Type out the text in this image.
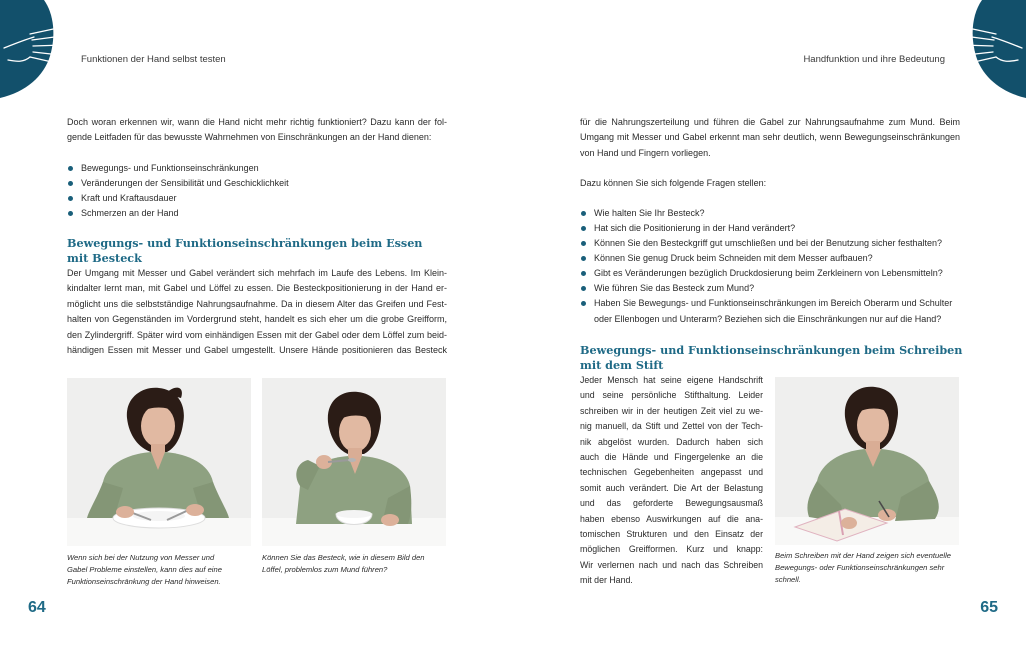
Funktionen der Hand selbst testen	Handfunktion und ihre Bedeutung
Doch woran erkennen wir, wann die Hand nicht mehr richtig funktioniert? Dazu kann der fol-
gende Leitfaden für das bewusste Wahrnehmen von Einschränkungen an der Hand dienen:
Bewegungs- und Funktionseinschränkungen
Veränderungen der Sensibilität und Geschicklichkeit
Kraft und Kraftausdauer
Schmerzen an der Hand
Bewegungs- und Funktionseinschränkungen beim Essen
mit Besteck
Der Umgang mit Messer und Gabel verändert sich mehrfach im Laufe des Lebens. Im Klein-
kindalter lernt man, mit Gabel und Löffel zu essen. Die Besteckpositionierung in der Hand er-
möglicht uns die selbstständige Nahrungsaufnahme. Da in diesem Alter das Greifen und Fest-
halten von Gegenständen im Vordergrund steht, handelt es sich eher um die grobe Greifform,
den Zylindergriff. Später wird vom einhändigen Essen mit der Gabel oder dem Löffel zum beid-
händigen Essen mit Messer und Gabel umgestellt. Unsere Hände positionieren das Besteck
Wenn sich bei der Nutzung von Messer und
Gabel Probleme einstellen, kann dies auf eine
Funktionseinschränkung der Hand hinweisen.
Können Sie das Besteck, wie in diesem Bild den
Löffel, problemlos zum Mund führen?
64
für die Nahrungszerteilung und führen die Gabel zur Nahrungsaufnahme zum Mund. Beim
Umgang mit Messer und Gabel erkennt man sehr deutlich, wenn Bewegungseinschränkungen
von Hand und Fingern vorliegen.
Dazu können Sie sich folgende Fragen stellen:
Wie halten Sie Ihr Besteck?
Hat sich die Positionierung in der Hand verändert?
Können Sie den Besteckgriff gut umschließen und bei der Benutzung sicher festhalten?
Können Sie genug Druck beim Schneiden mit dem Messer aufbauen?
Gibt es Veränderungen bezüglich Druckdosierung beim Zerkleinern von Lebensmitteln?
Wie führen Sie das Besteck zum Mund?
Haben Sie Bewegungs- und Funktionseinschränkungen im Bereich Oberarm und Schulter
oder Ellenbogen und Unterarm? Beziehen sich die Einschränkungen nur auf die Hand?
Bewegungs- und Funktionseinschränkungen beim Schreiben
mit dem Stift
Jeder Mensch hat seine eigene Handschrift
und seine persönliche Stifthaltung. Leider
schreiben wir in der heutigen Zeit viel zu we-
nig manuell, da Stift und Zettel von der Tech-
nik abgelöst wurden. Dadurch haben sich
auch die Hände und Fingergelenke an die
technischen Gegebenheiten angepasst und
somit auch verändert. Die Art der Belastung
und das geforderte Bewegungsausmaß
haben ebenso Auswirkungen auf die ana-
tomischen Strukturen und den Einsatz der
möglichen Greifformen. Kurz und knapp:
Wir verlernen nach und nach das Schreiben
mit der Hand.
Beim Schreiben mit der Hand zeigen sich eventuelle
Bewegungs- oder Funktionseinschränkungen sehr
schnell.
65
